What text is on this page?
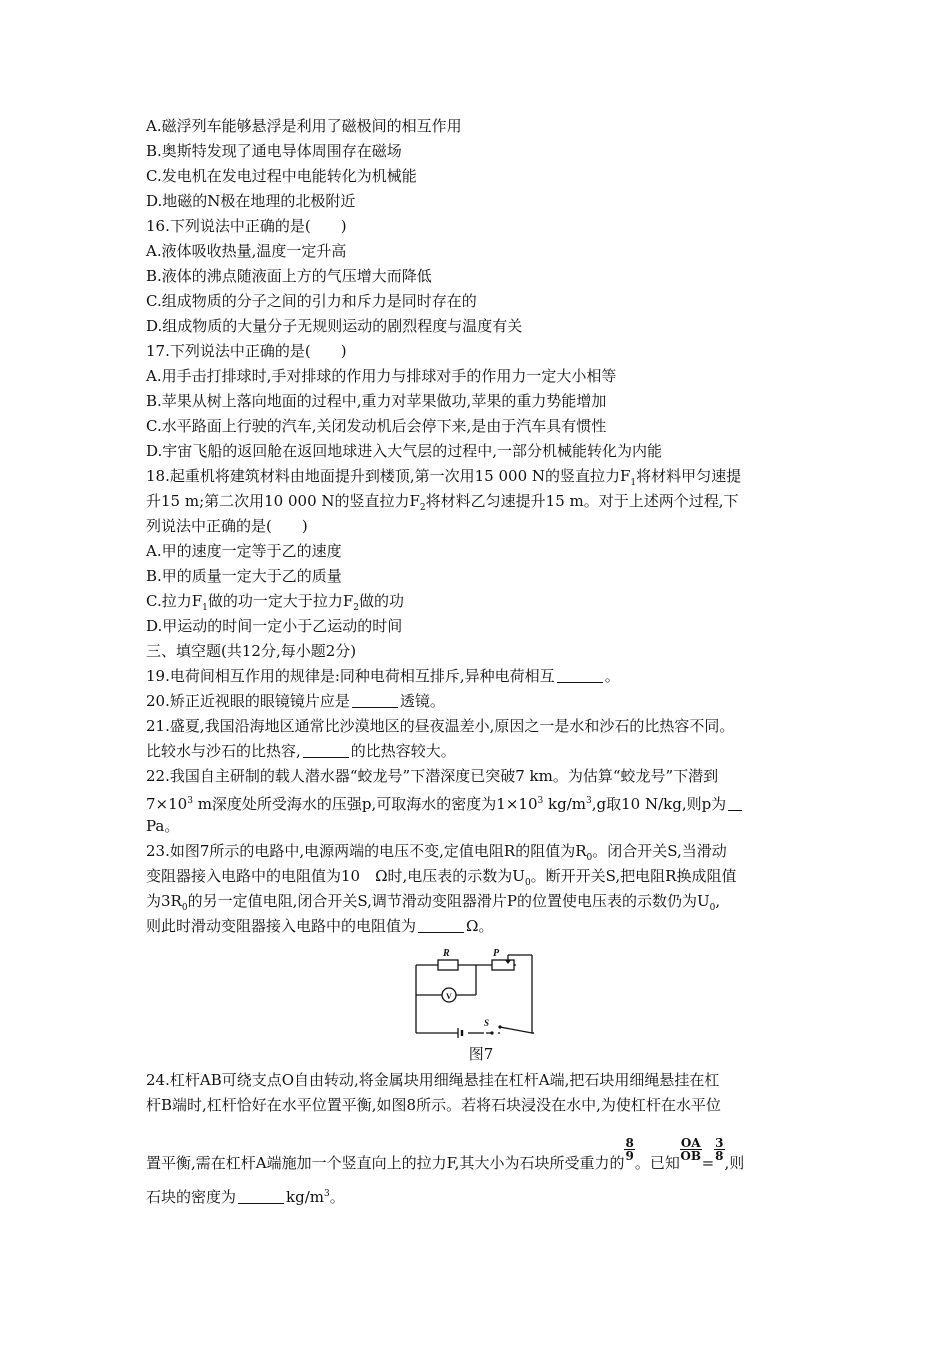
A.磁浮列车能够悬浮是利用了磁极间的相互作用
B.奥斯特发现了通电导体周围存在磁场
C.发电机在发电过程中电能转化为机械能
D.地磁的N极在地理的北极附近
16.下列说法中正确的是(　　)
A.液体吸收热量,温度一定升高
B.液体的沸点随液面上方的气压增大而降低
C.组成物质的分子之间的引力和斥力是同时存在的
D.组成物质的大量分子无规则运动的剧烈程度与温度有关
17.下列说法中正确的是(　　)
A.用手击打排球时,手对排球的作用力与排球对手的作用力一定大小相等
B.苹果从树上落向地面的过程中,重力对苹果做功,苹果的重力势能增加
C.水平路面上行驶的汽车,关闭发动机后会停下来,是由于汽车具有惯性
D.宇宙飞船的返回舱在返回地球进入大气层的过程中,一部分机械能转化为内能
18.起重机将建筑材料由地面提升到楼顶,第一次用15 000 N的竖直拉力$F_1$将材料甲匀速提
升15 m;第二次用10 000 N的竖直拉力$F_2$将材料乙匀速提升15 m。对于上述两个过程,下
列说法中正确的是(　　)
A.甲的速度一定等于乙的速度
B.甲的质量一定大于乙的质量
C.拉力$F_1$做的功一定大于拉力$F_2$做的功
D.甲运动的时间一定小于乙运动的时间
三、填空题(共12分,每小题2分)
19.电荷间相互作用的规律是:同种电荷相互排斥,异种电荷相互	。
20.矫正近视眼的眼镜镜片应是	透镜。
21.盛夏,我国沿海地区通常比沙漠地区的昼夜温差小,原因之一是水和沙石的比热容不同。
比较水与沙石的比热容,	的比热容较大。
22.我国自主研制的载人潜水器“蛟龙号”下潜深度已突破7 km。为估算“蛟龙号”下潜到
$7\times 10^3$ m深度处所受海水的压强p,可取海水的密度为$1\times 10^3$ $kg/m^3,g$取10 N/kg,则p为
Pa。
23.如图7所示的电路中,电源两端的电压不变,定值电阻R的阻值为$R_0$。闭合开关S,当滑动
变阻器接入电路中的电阻值为10　Ω时,电压表的示数为$U_0$。断开开关S,把电阻R换成阻值
为$3R_0$的另一定值电阻,闭合开关S,调节滑动变阻器滑片P的位置使电压表的示数仍为$U_0$,
则此时滑动变阻器接入电路中的电阻值为	Ω。
R	P
V
S
图7
24.杠杆AB可绕支点O自由转动,将金属块用细绳悬挂在杠杆A端,把石块用细绳悬挂在杠
杆B端时,杠杆恰好在水平位置平衡,如图8所示。若将石块浸没在水中,为使杠杆在水平位
置平衡,需在杠杆A端施加一个竖直向上的拉力F,其大小为石块所受重力的
$\frac{8}{9}$
。已知
$\frac{OA}{OB}$
=
$\frac{3}{8}$
,则
石块的密度为	$kg/m^3$。
